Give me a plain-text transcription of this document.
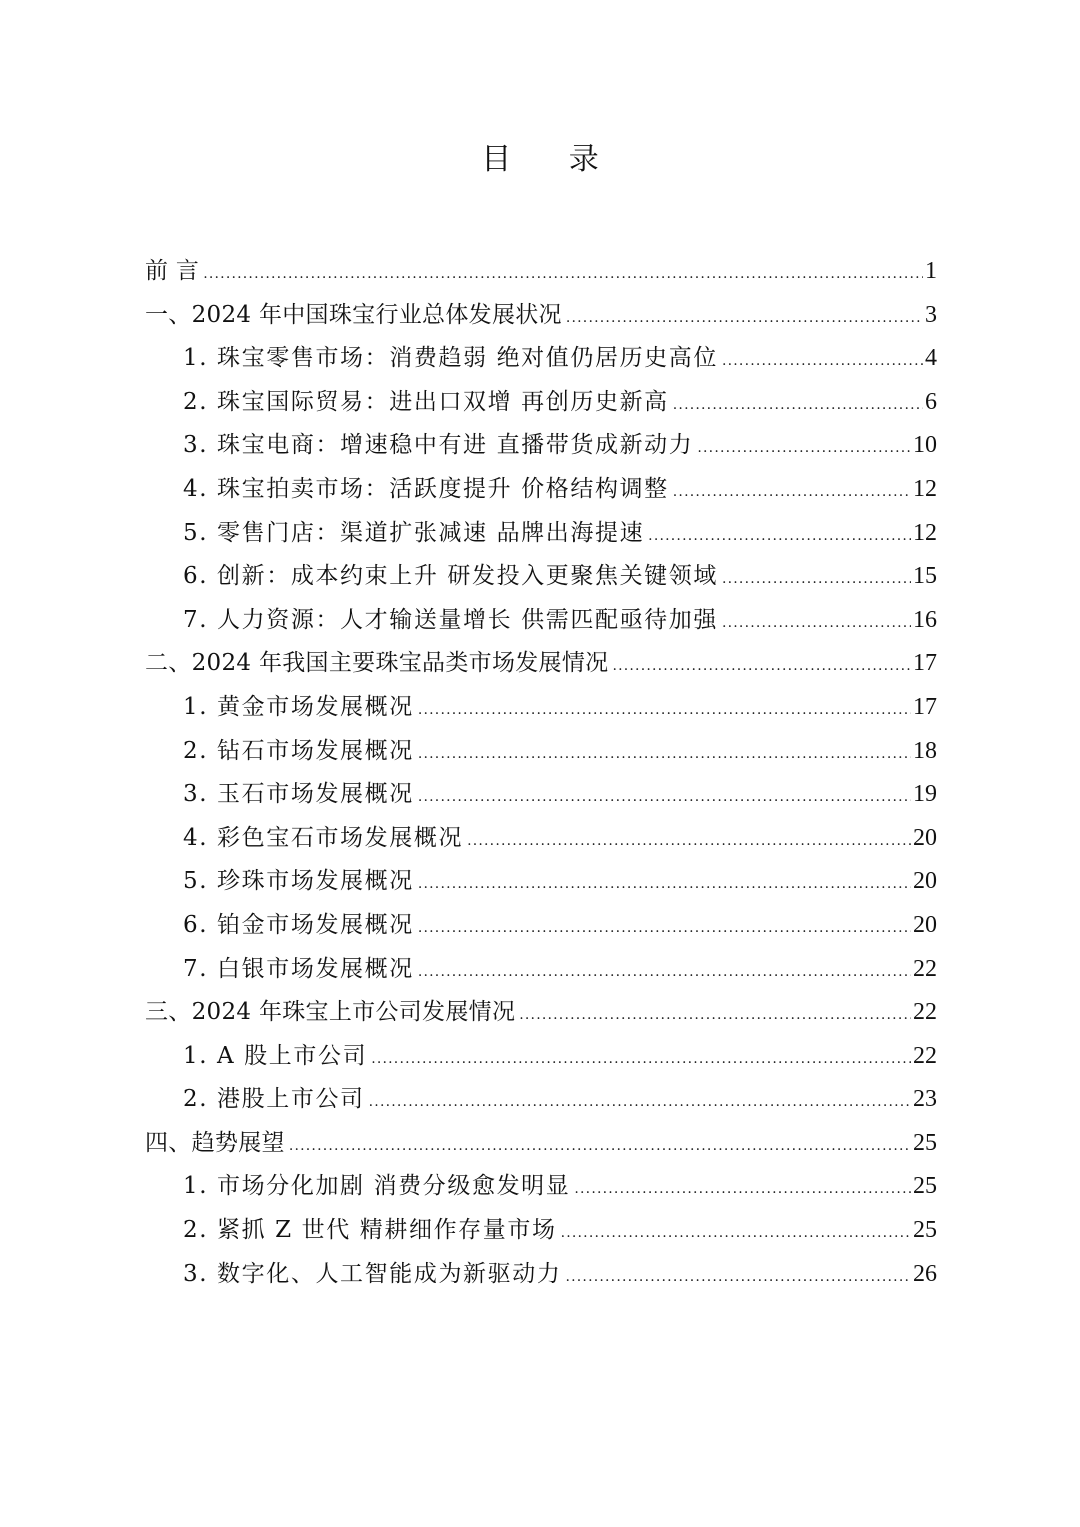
目 录
前 言 .....	1
一、2024 年中国珠宝行业总体发展状况 .....	3
1. 珠宝零售市场：消费趋弱 绝对值仍居历史高位 .....	4
2. 珠宝国际贸易：进出口双增 再创历史新高 .....	6
3. 珠宝电商：增速稳中有进 直播带货成新动力 .....	10
4. 珠宝拍卖市场：活跃度提升 价格结构调整 .....	12
5. 零售门店：渠道扩张减速 品牌出海提速 .....	12
6. 创新：成本约束上升 研发投入更聚焦关键领域 .....	15
7. 人力资源：人才输送量增长 供需匹配亟待加强 .....	16
二、2024 年我国主要珠宝品类市场发展情况 .....	17
1. 黄金市场发展概况 .....	17
2. 钻石市场发展概况 .....	18
3. 玉石市场发展概况 .....	19
4. 彩色宝石市场发展概况 .....	20
5. 珍珠市场发展概况 .....	20
6. 铂金市场发展概况 .....	20
7. 白银市场发展概况 .....	22
三、2024 年珠宝上市公司发展情况 .....	22
1. A 股上市公司 .....	22
2. 港股上市公司 .....	23
四、趋势展望 .....	25
1. 市场分化加剧 消费分级愈发明显 .....	25
2. 紧抓 Z 世代 精耕细作存量市场 .....	25
3. 数字化、人工智能成为新驱动力 .....	26
